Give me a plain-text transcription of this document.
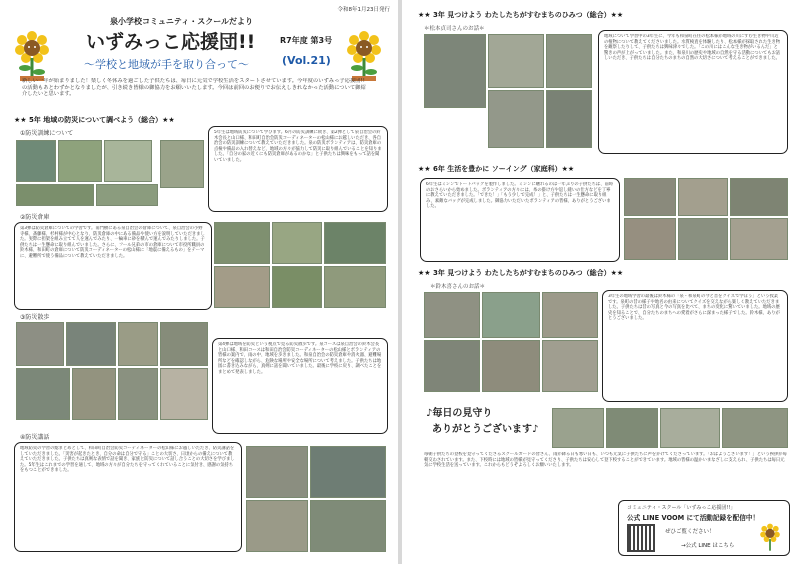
令和8年1月23日発行
泉小学校コミュニティ・スクールだより
いずみっこ応援団!!	R7年度 第3号
～学校と地域が手を取り合って～	(Vol.21)
新しい一年が始まりました！楽しく冬休みを過ごした子供たちは、毎日に元気で学校生活をスタートさせています。今年度のいずみっ子応援団!!の活動もあとわずかとなりましたが、引き続き皆様の御協力をお願いいたします。今回は前回のお便りでお伝えしきれなかった活動について御紹介したいと思います。
★★ 5年 地域の防災について調べよう（総合）★★
①防災訓練について	5年生は地域防災について学びます。6月の防災訓練に続き、第2弾として泉自治会の鈴木会長と山口様、和田町自治会防災コーディネーターの松山様にお越しいただき、各自治会の防災訓練について教えていただきました。泉の防災ボランティアは、防災倉庫の点検や備品の入れ替えなど、地域の方々が協力して防災に取り組んでいることを知りました。「自分の家の近くにも防災倉庫があるのかな」と子供たちは興味をもって話を聞いていました。
②防災倉庫
第3弾は防災倉庫についての学習です。南門横にある泉自治会の倉庫について、泉自治会の小野寺様、斎藤様、杉村様が中心となり、防災倉庫の中にある備品や使い方を説明していただきました。実際に担架を組み立てて人を運んでみたり、一輪車に砂を積んで運んでみたりしました。子供たちは一生懸命に取り組んでいました。さらに、フール兄弟の市の倉庫について市役所職員の鈴木様、和田町の倉庫について防災コーディネーターの松山様に「地震に備えるもの」をテーマに、避難所で使う備品について教えていただきました。
③防災散歩
第4弾は地域を防災という視点で見る防災散歩です。泉コースは泉自治会の鈴木会長と山口様、和田コースは和田自治会防災コーディネーターの松山様とボランティアの皆様の案内で、雨の中、地域を歩きました。和泉自治会の防災倉庫や消火器、避難場所などを確認しながら、危険な場所や安全な場所について考えました。子供たちは地図に書き込みながら、真剣に話を聞いていました。最後に学校に戻り、調べたことをまとめて発表しました。
④防災講話
地域防災の学習の総まとめとして、和田町自治会防災コーディネーターの松山様にお越しいただき、防災講話をしていただきました。「災害が起きたとき、自分の命は自分で守る」ことの大切さ、日頃からの備えについて教えていただきました。子供たちは真剣な表情で話を聞き、家族と防災について話し合うことの大切さを学びました。5年生はこれまでの学習を通して、地域の方々が自分たちを守ってくれていることに気付き、感謝の気持ちをもつことができました。
★★ 3年 見つけよう わたしたちがすむまちのひみつ（総合）★★
＊松本貞司さんのお話＊
地域について学習中の3年生に、今年も和泉町在住の松本様が地域の川にすむ生き物や川辺の植物について教えてくださいました。水質検査を体験したり、松本様が採取された生き物を観察したりして、子供たちは興味津々でした。「この川にはこんな生き物がいるんだ」と驚きの声が上がっていました。また、和泉川の歴史や地域の自然を守る活動についてもお話しいただき、子供たちは自分たちのまちの自然の大切さについて考えることができました。
★★ 6年 生活を豊かに ソーイング（家庭科）★★
6年生はミシンでトートバッグを製作しました。ミシンに触れるのは一年ぶりの子供たちは、前時のおさらいから始めました。ボランティアの方々には、糸の掛け方や返し縫いの仕方などを丁寧に教えていただきました。「できた！」「もう少しで完成！」と、子供たちは一生懸命に取り組み、素敵なバッグが完成しました。御協力いただいたボランティアの皆様、ありがとうございました。
★★ 3年 見つけよう わたしたちがすむまちのひみつ（総合）★★
＊鈴木喜さんのお話＊
3年生の地域学習の最後は鈴木様の「泉・和泉町の今と昔をクイズで学ぼう」という授業です。泉町の昔の様子や地名の由来についてクイズを交えながら楽しく教えていただきました。子供たちは昔の写真と今の写真を比べて、まちの変化に驚いていました。地域の歴史を知ることで、自分たちのまちへの愛着がさらに深まった様子でした。鈴木様、ありがとうございました。
♪毎日の見守り
ありがとうございます♪
毎朝子供たちの登校を見守ってくださるスクールガードの皆さん、雨が降る日も寒い日も、いつも元気に子供たちに声をかけてくださっています。「おはようございます！」という挨拶が毎朝交わされています。また、下校時には地域の皆様が見守ってくださり、子供たちは安心して登下校することができています。地域の皆様の温かいまなざしに支えられ、子供たちは毎日元気に学校生活を送っています。これからもどうぞよろしくお願いいたします。
コミュニティ・スクール「いずみっこ応援団!!」
公式 LINE VOOM にて活動記録を配信中！
ぜひご覧ください！
→公式 LINE はこちら
